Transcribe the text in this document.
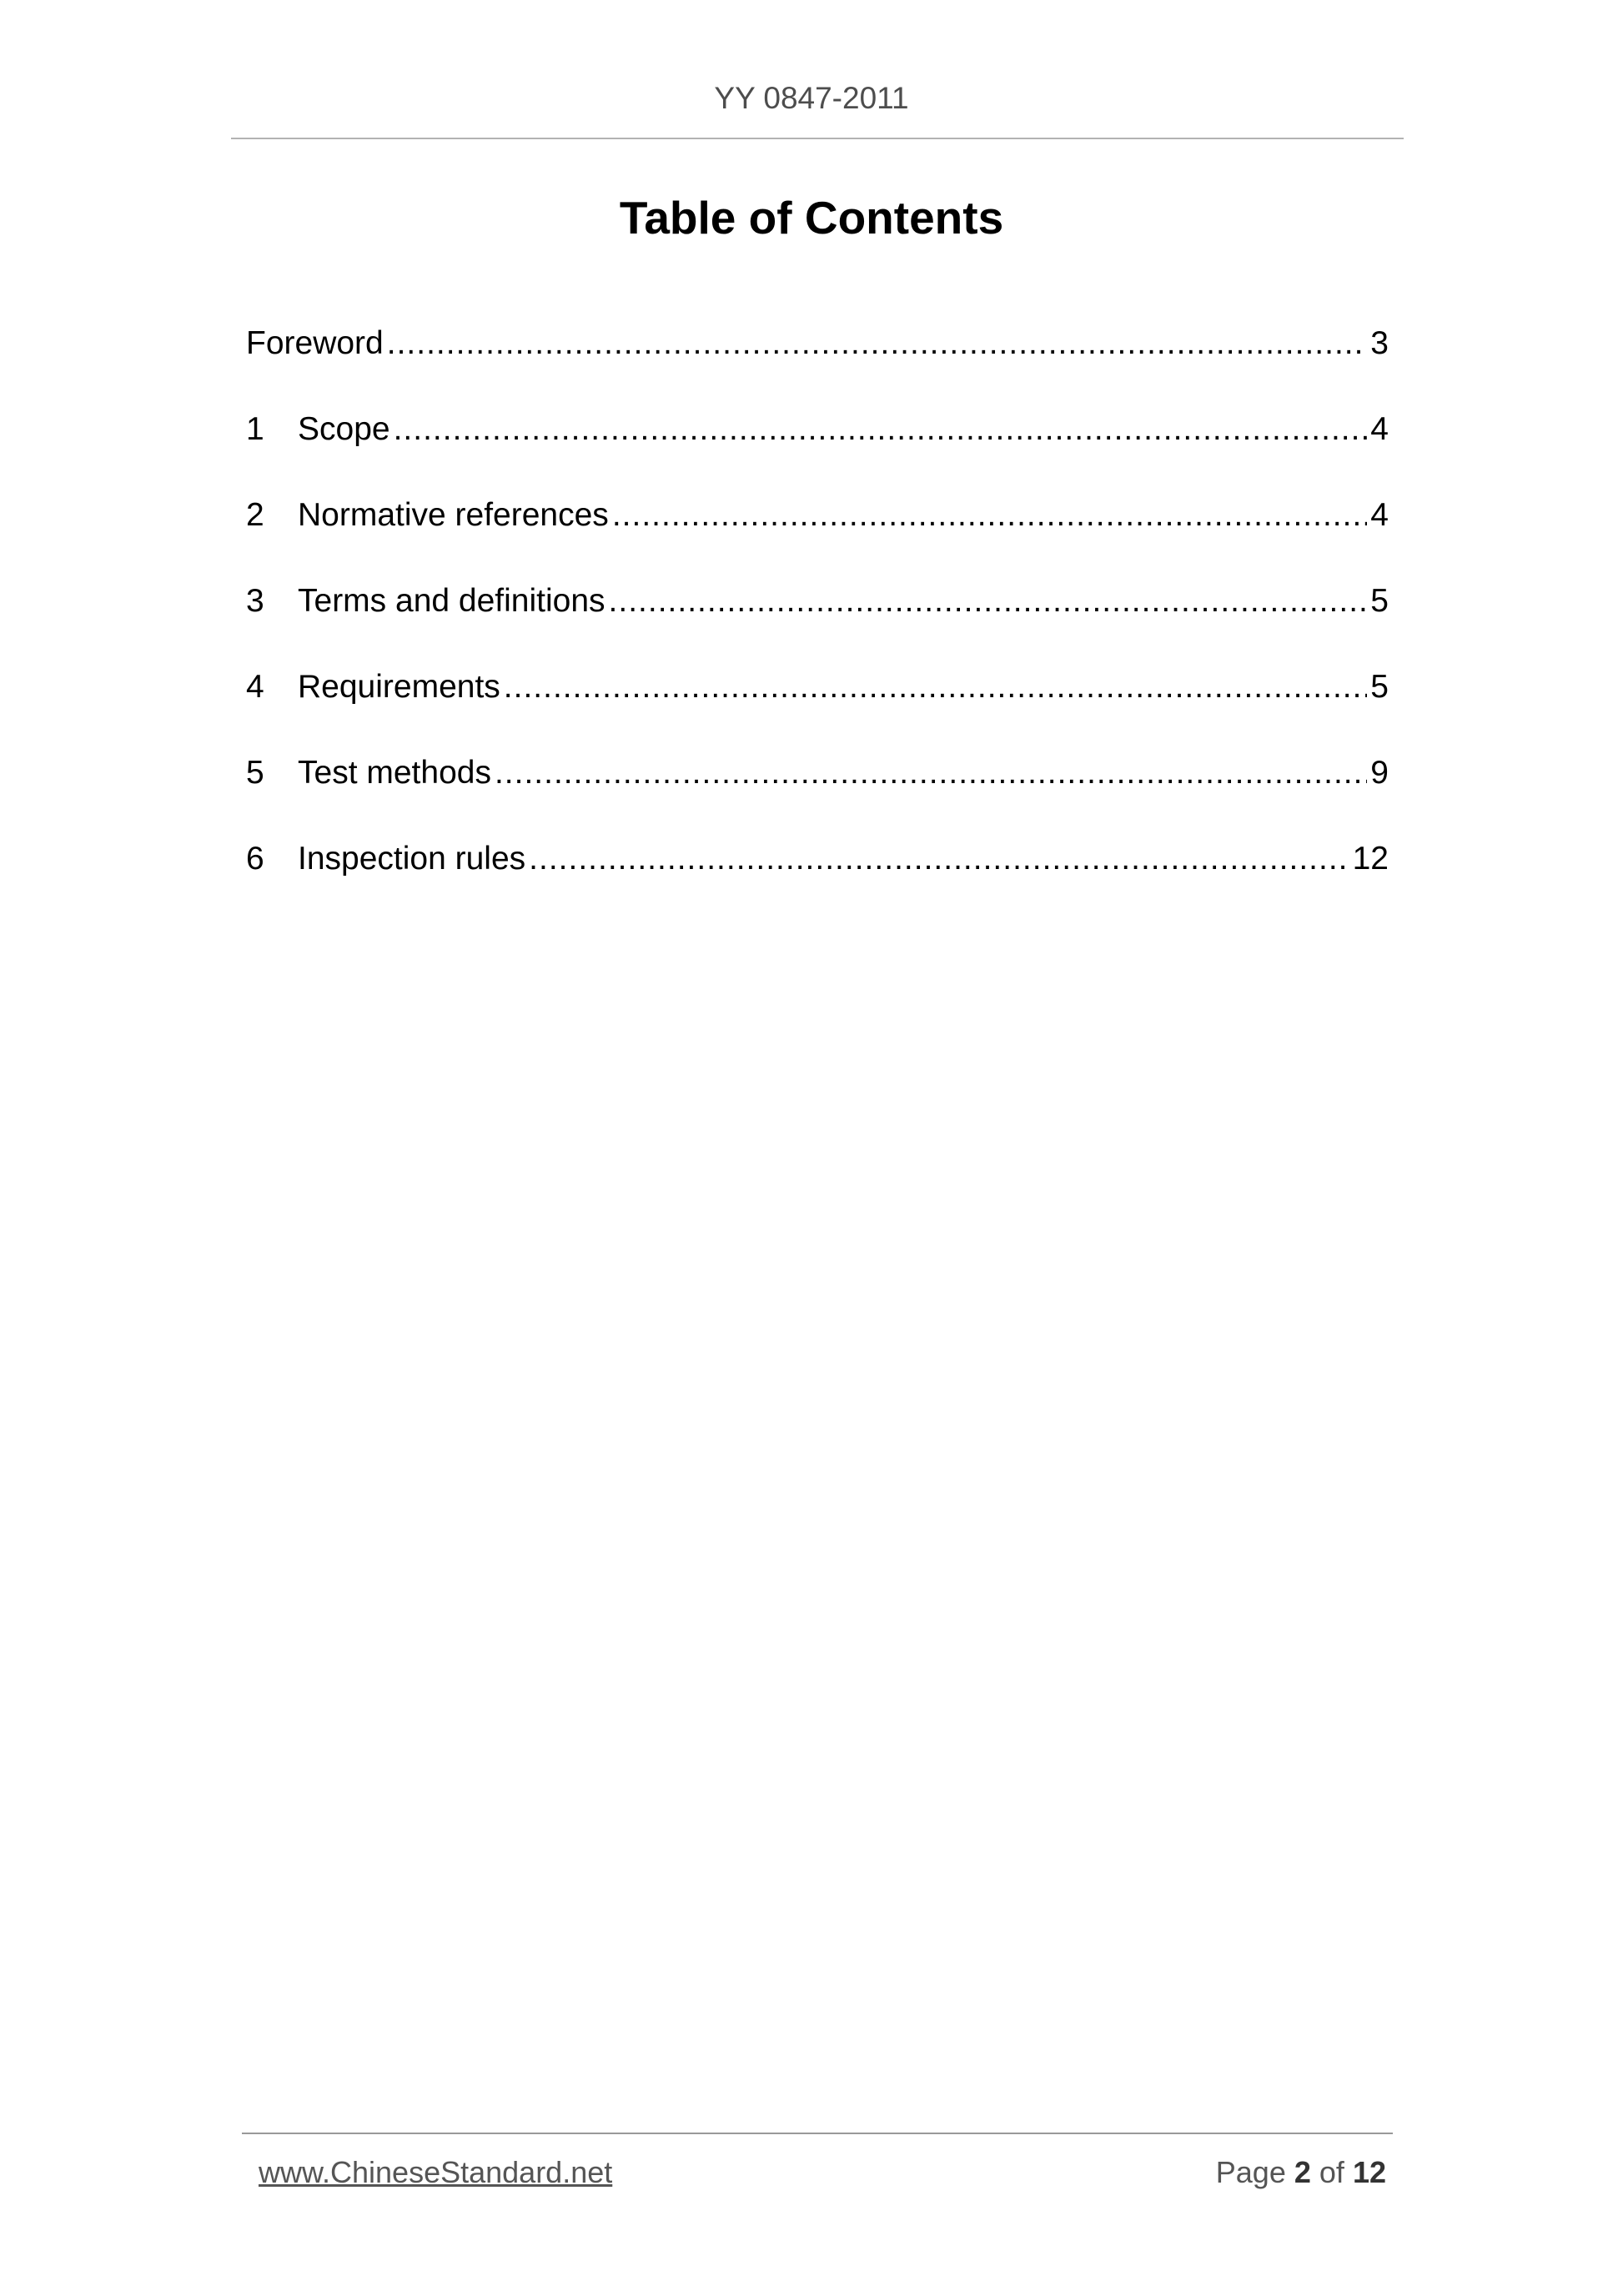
YY 0847-2011
Table of Contents
Foreword .....	3
1	Scope .....	4
2	Normative references .....	4
3	Terms and definitions .....	5
4	Requirements .....	5
5	Test methods .....	9
6	Inspection rules .....	12
www.ChineseStandard.net	Page 2 of 12
